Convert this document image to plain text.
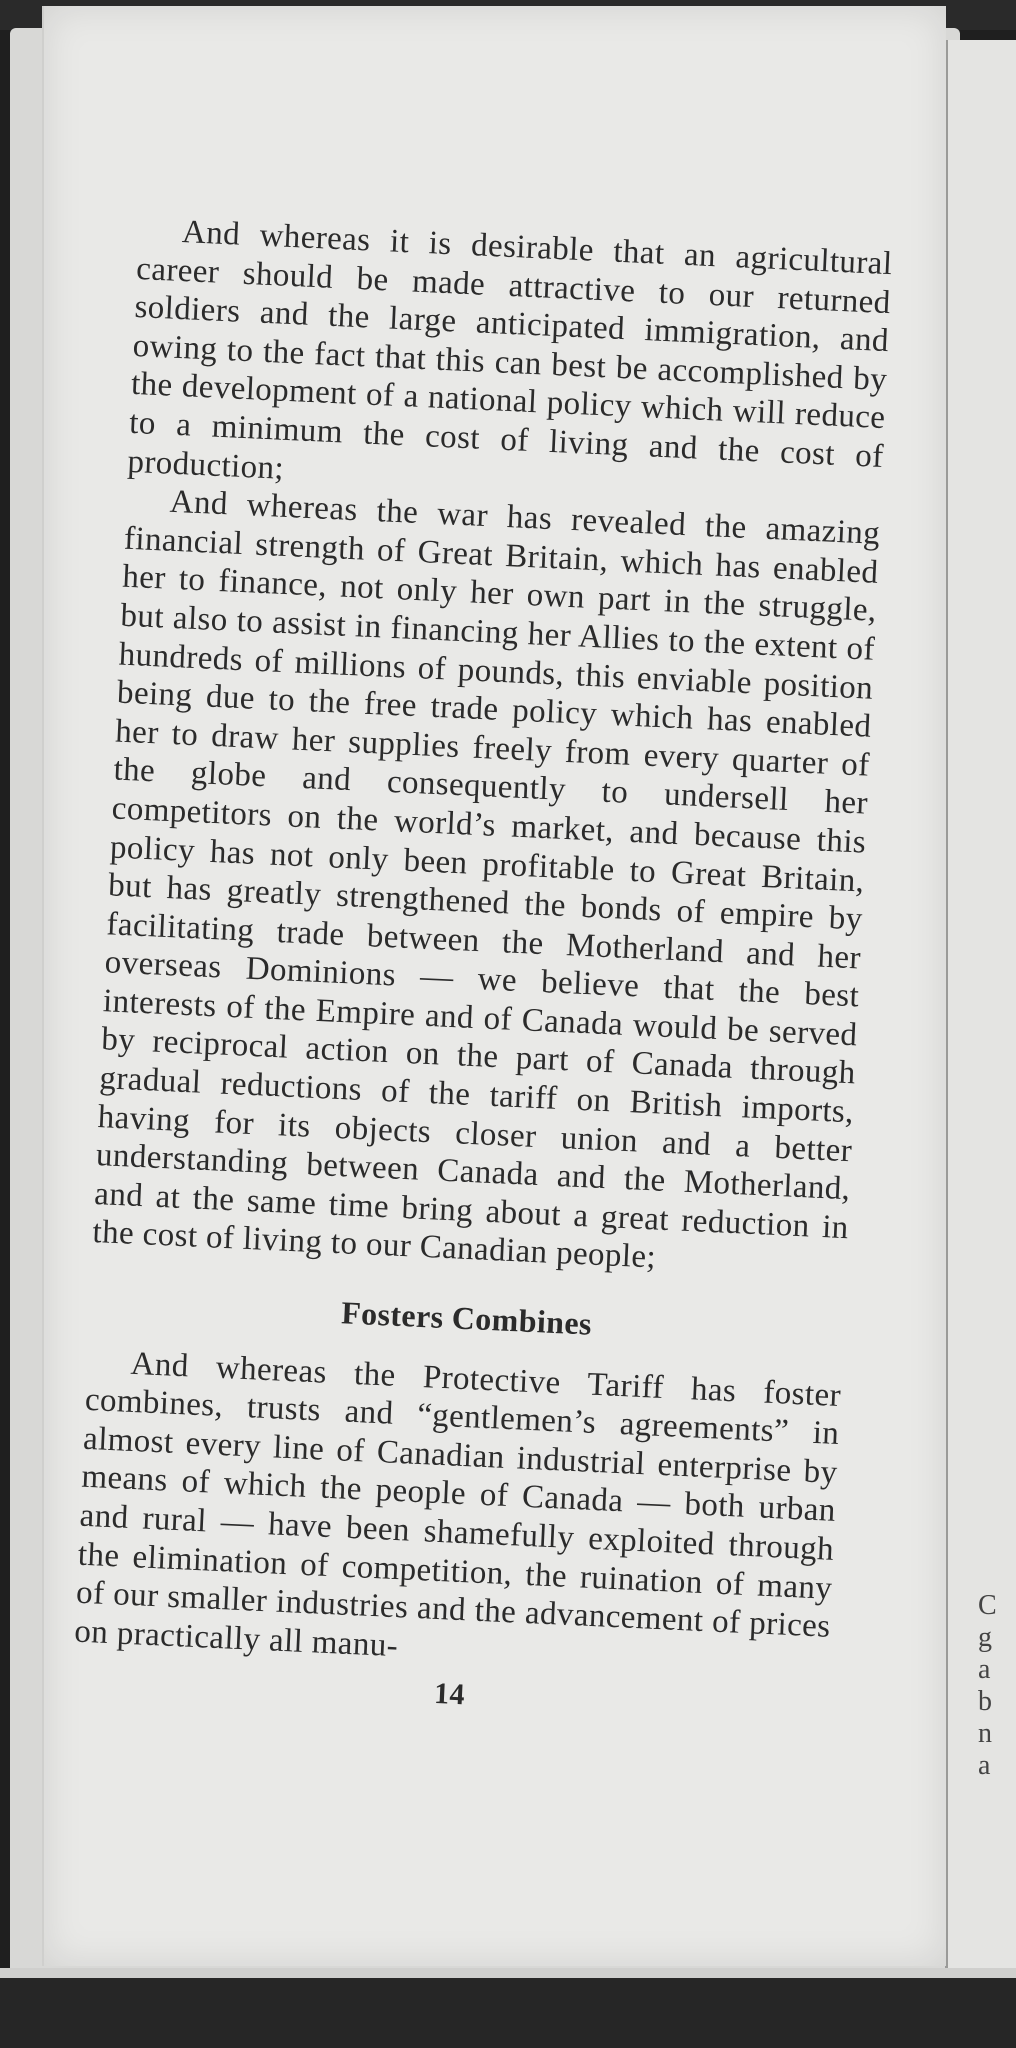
C
g
a
b
n
a

And whereas it is desirable that an agricultural career should be made attractive to our returned soldiers and the large anticipated immigration, and owing to the fact that this can best be accomplished by the development of a national policy which will reduce to a minimum the cost of living and the cost of production;

And whereas the war has revealed the amazing financial strength of Great Britain, which has enabled her to finance, not only her own part in the struggle, but also to assist in financing her Allies to the extent of hundreds of millions of pounds, this enviable position being due to the free trade policy which has enabled her to draw her supplies freely from every quarter of the globe and consequently to undersell her competitors on the world’s market, and because this policy has not only been profitable to Great Britain, but has greatly strengthened the bonds of empire by facilitating trade between the Motherland and her overseas Dominions — we believe that the best interests of the Empire and of Canada would be served by reciprocal action on the part of Canada through gradual reductions of the tariff on British imports, having for its objects closer union and a better understanding between Canada and the Motherland, and at the same time bring about a great reduction in the cost of living to our Canadian people;

Fosters Combines

And whereas the Protective Tariff has foster combines, trusts and “gentlemen’s agreements” in almost every line of Canadian industrial enterprise by means of which the people of Canada — both urban and rural — have been shamefully exploited through the elimination of competition, the ruination of many of our smaller industries and the advancement of prices on practically all manu-

14
